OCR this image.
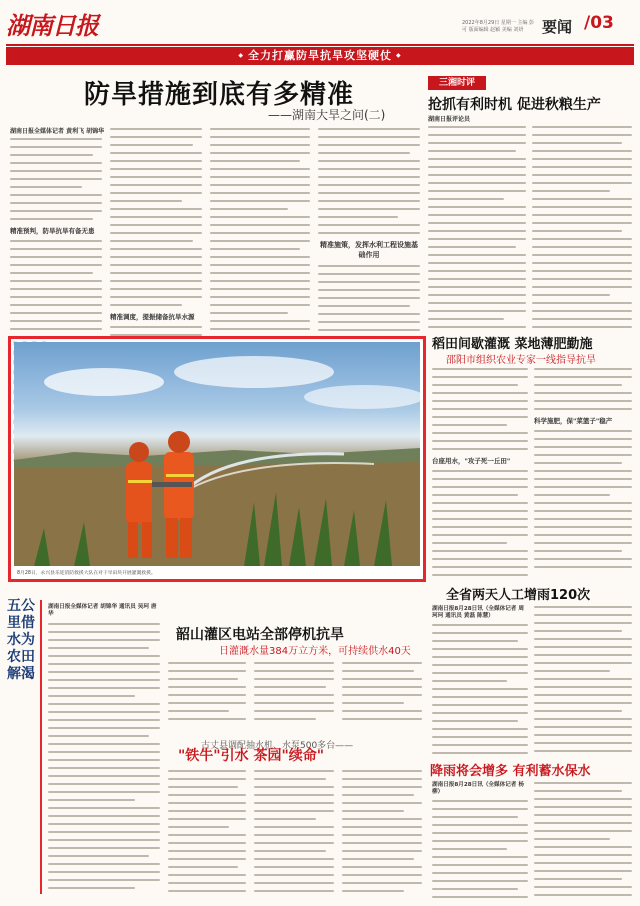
湖南日报	2022年8月29日 星期一 主编 彭可 版面编辑 赵颖 美编 刘妍	要闻 /03
◆ 全力打赢防旱抗旱攻坚硬仗 ◆
防旱措施到底有多精准
——湖南大旱之问(二)
湖南日报全媒体记者 黄利飞 胡锦华
精准预判，防旱抗旱有备无患
精准调度，提振储备抗旱水源
精准施策，发挥水利工程设施基础作用
三湘时评
抢抓有利时机 促进秋粮生产
湖南日报评论员
8月28日，永兴县乐迎消防救援大队在对干旱田块开展灌溉救援。
稻田间歇灌溉 菜地薄肥勤施
邵阳市组织农业专家一线指导抗旱
台座用水，"攻子死一丘田"
科学施肥，保"菜篮子"稳产
五公里借水为农田解渴
湖南日报全媒体记者 胡锦华 通讯员 吴珂 唐华
韶山灌区电站全部停机抗旱
日灌溉水量384万立方米，可持续供水40天
古丈县调配抽水机、水泵500多台——
"铁牛"引水 茶园"续命"
全省两天人工增雨120次
湖南日报8月28日讯（全媒体记者 周珂珂 通讯员 黄磊 陈慧）
降雨将会增多 有利蓄水保水
湖南日报8月28日讯（全媒体记者 杨柳）
